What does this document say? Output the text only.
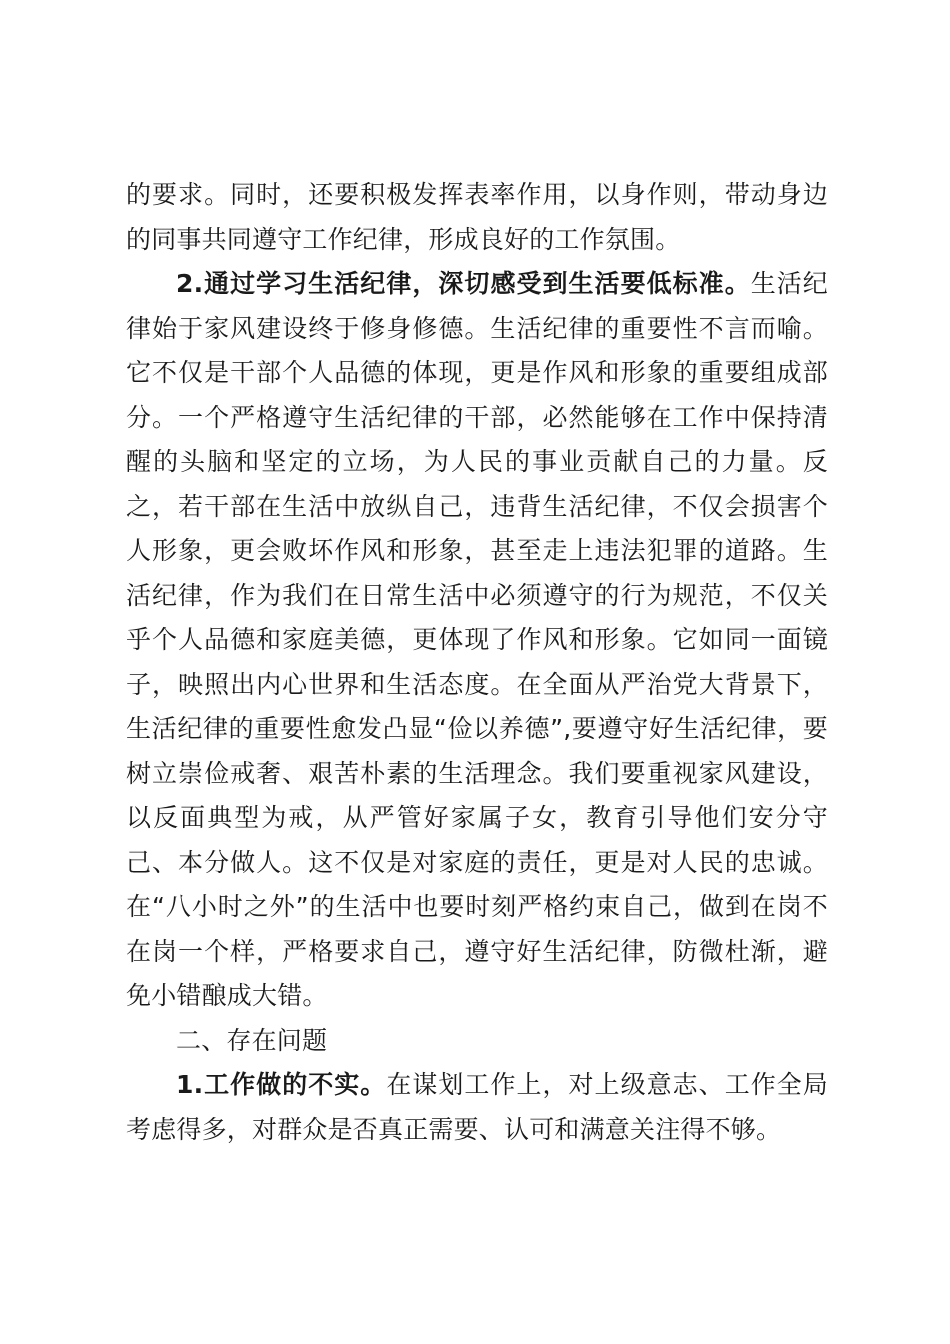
的要求。同时，还要积极发挥表率作用，以身作则，带动身边的同事共同遵守工作纪律，形成良好的工作氛围。

2.通过学习生活纪律，深切感受到生活要低标准。生活纪律始于家风建设终于修身修德。生活纪律的重要性不言而喻。它不仅是干部个人品德的体现，更是作风和形象的重要组成部分。一个严格遵守生活纪律的干部，必然能够在工作中保持清醒的头脑和坚定的立场，为人民的事业贡献自己的力量。反之，若干部在生活中放纵自己，违背生活纪律，不仅会损害个人形象，更会败坏作风和形象，甚至走上违法犯罪的道路。生活纪律，作为我们在日常生活中必须遵守的行为规范，不仅关乎个人品德和家庭美德，更体现了作风和形象。它如同一面镜子，映照出内心世界和生活态度。在全面从严治党大背景下，生活纪律的重要性愈发凸显“俭以养德”,要遵守好生活纪律，要树立崇俭戒奢、艰苦朴素的生活理念。我们要重视家风建设，以反面典型为戒，从严管好家属子女，教育引导他们安分守己、本分做人。这不仅是对家庭的责任，更是对人民的忠诚。在“八小时之外”的生活中也要时刻严格约束自己，做到在岗不在岗一个样，严格要求自己，遵守好生活纪律，防微杜渐，避免小错酿成大错。

二、存在问题

1.工作做的不实。在谋划工作上，对上级意志、工作全局考虑得多，对群众是否真正需要、认可和满意关注得不够。
